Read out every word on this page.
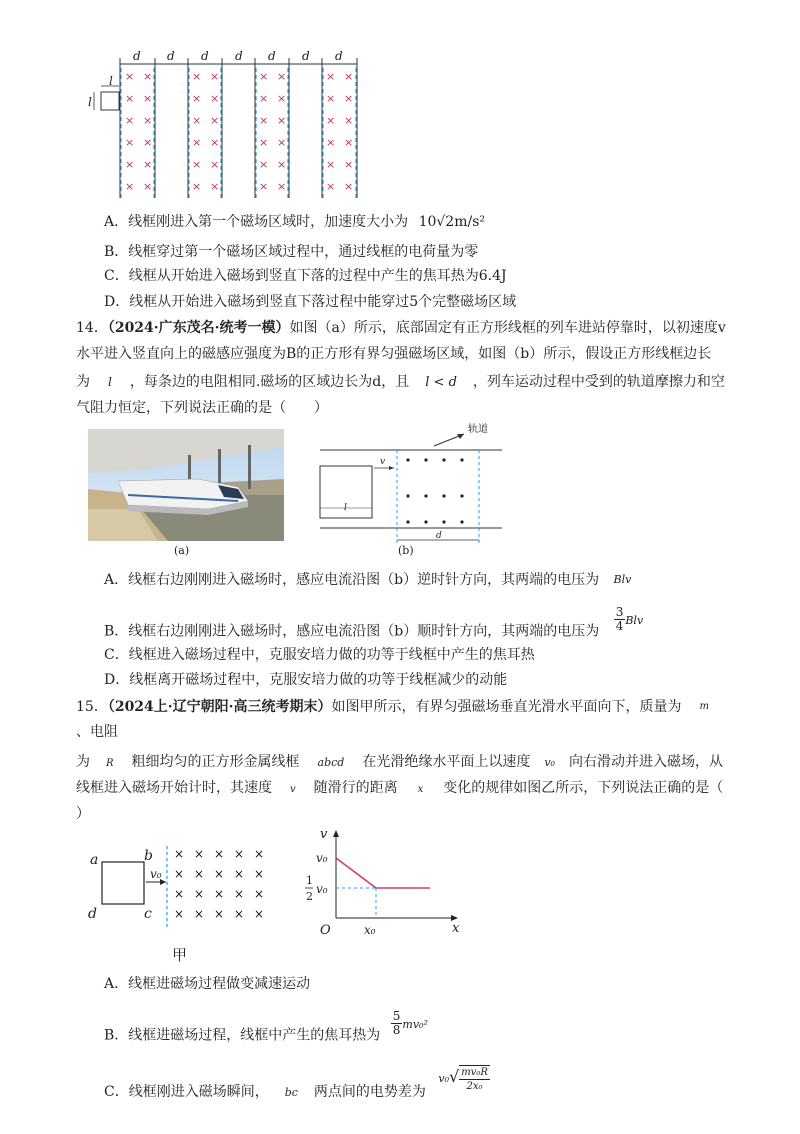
d d d d d d d
l
l
×
×
×
×
×
×
×
×
×
×
×
×
×
×
×
×
×
×
×
×
×
×
×
×
×
×
×
×
×
×
×
×
×
×
×
×
×
×
×
×
×
×
×
×
×
×
×
×
A．线框刚进入第一个磁场区域时，加速度大小为 10√2m/s²
B．线框穿过第一个磁场区域过程中，通过线框的电荷量为零
C．线框从开始进入磁场到竖直下落的过程中产生的焦耳热为6.4J
D．线框从开始进入磁场到竖直下落过程中能穿过5个完整磁场区域
14．（2024·广东茂名·统考一模）如图（a）所示，底部固定有正方形线框的列车进站停靠时，以初速度v
水平进入竖直向上的磁感应强度为B的正方形有界匀强磁场区域，如图（b）所示，假设正方形线框边长
为 l ，每条边的电阻相同.磁场的区域边长为d，且 l < d ，列车运动过程中受到的轨道摩擦力和空
气阻力恒定，下列说法正确的是（　　）
(a)
轨道
v
l
d
(b)
A．线框右边刚刚进入磁场时，感应电流沿图（b）逆时针方向，其两端的电压为 $^{Blv}$
B．线框右边刚刚进入磁场时，感应电流沿图（b）顺时针方向，其两端的电压为 $\frac{3}{4} ^{Blv}$
C．线框进入磁场过程中，克服安培力做的功等于线框中产生的焦耳热
D．线框离开磁场过程中，克服安培力做的功等于线框减少的动能
15．（2024上·辽宁朝阳·高三统考期末）如图甲所示，有界匀强磁场垂直光滑水平面向下，质量为 $^m$
、电阻
为 R 粗细均匀的正方形金属线框 abcd 在光滑绝缘水平面上以速度 v₀ 向右滑动并进入磁场，从
线框进入磁场开始计时，其速度 v 随滑行的距离 x 变化的规律如图乙所示，下列说法正确的是（
）
a	b
c
d
v₀
×
×
×
×
×
×
×
×
×
×
×
×
×
×
×
×
×
×
×
×
甲
v
x
O
v₀
1
2
v₀
x₀
A．线框进磁场过程做变减速运动
B．线框进磁场过程，线框中产生的焦耳热为 $\frac{5}{8} ^{mv_0^2}$
C．线框刚进入磁场瞬间， bc 两点间的电势差为 $^{v_0√ \frac{\text{mv₀R}}{\text{2x₀}}}$
